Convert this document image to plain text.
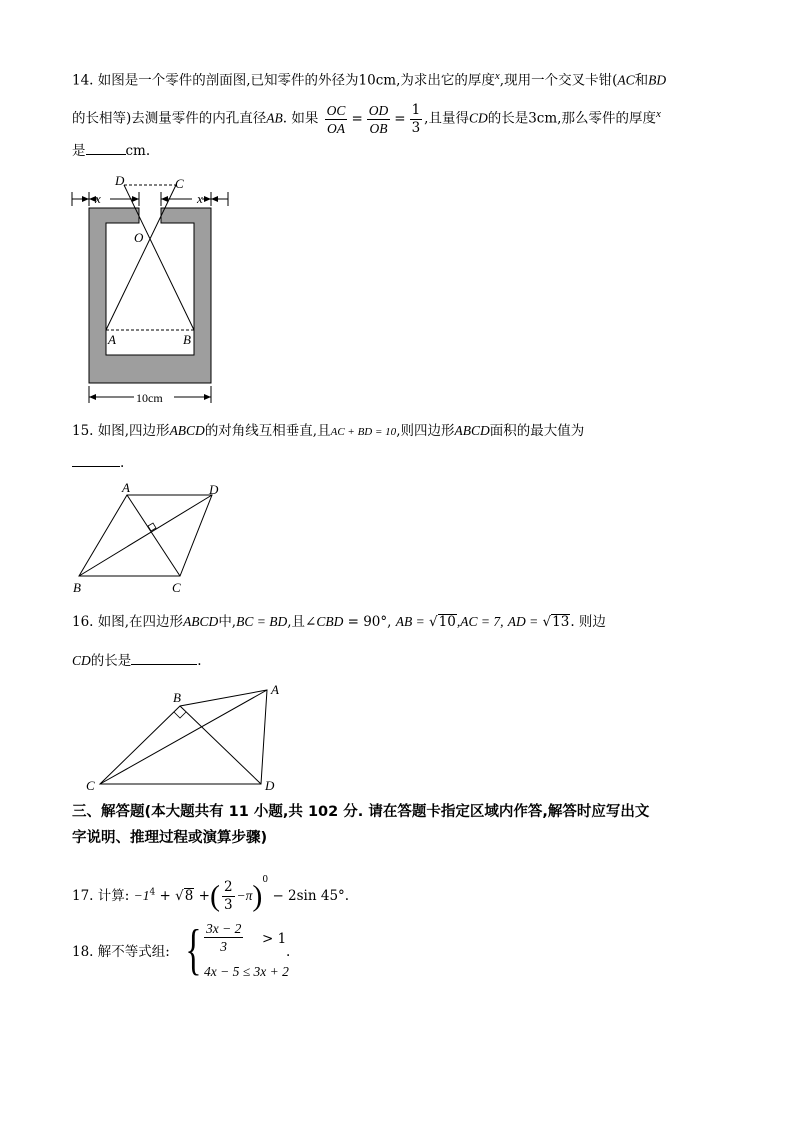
14. 如图是一个零件的剖面图,已知零件的外径为10cm,为求出它的厚度$^x$,现用一个交叉卡钳(AC和BD
的长相等)去测量零件的内孔直径AB. 如果 $\frac{OC}{OA} = \frac{OD}{OB} = \frac{1}{3}$ ,且量得CD的长是3cm,那么零件的厚度$^x$
是	cm.
D	C
O
A	B
x	x
10cm
15. 如图,四边形ABCD的对角线互相垂直,且AC + BD = 10,则四边形ABCD面积的最大值为
.
A	D
B	C
16. 如图,在四边形ABCD中,BC = BD,且∠CBD = 90°, AB = √10,AC = 7, AD = √13. 则边
CD的长是	.
B
A
C	D
三、解答题(本大题共有 11 小题,共 102 分. 请在答题卡指定区域内作答,解答时应写出文
字说明、推理过程或演算步骤)
17. 计算: $-1^4 + √8$ +( $\frac{2}{3} -\pi)^0 - 2\sin$ 45°.
18. 解不等式组: { $\frac{3x - 2}{3} > 1$
4x − 5 ≤ 3x + 2
.
